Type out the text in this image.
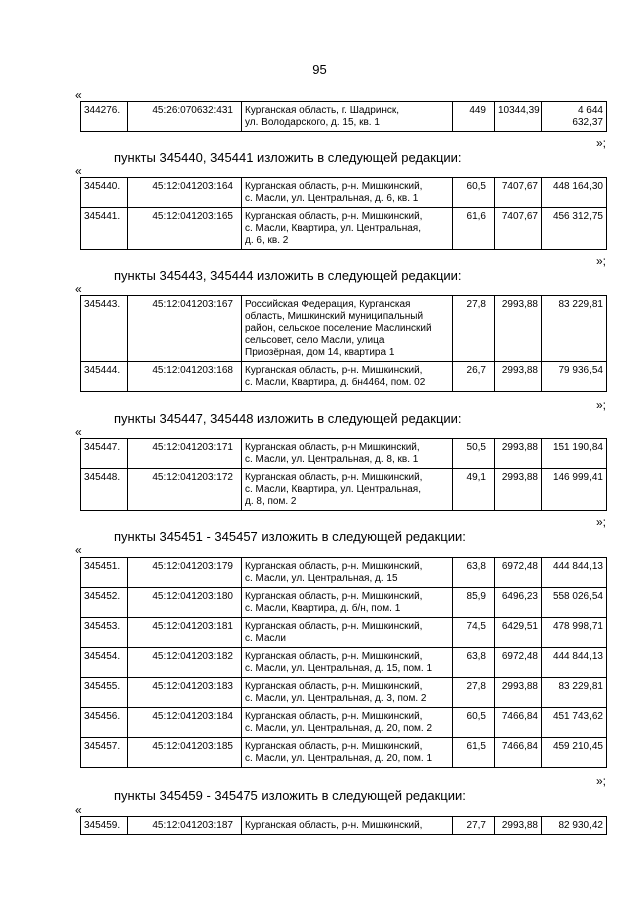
95
«
344276.	45:26:070632:431	Курганская область, г. Шадринск,
ул. Володарского, д. 15, кв. 1	449	10344,39	4 644 632,37
»;
пункты 345440, 345441 изложить в следующей редакции:
«
345440.	45:12:041203:164	Курганская область, р-н. Мишкинский,
с. Масли, ул. Центральная, д. 6, кв. 1	60,5	7407,67	448 164,30
345441.	45:12:041203:165	Курганская область, р-н. Мишкинский,
с. Масли, Квартира, ул. Центральная,
д. 6, кв. 2	61,6	7407,67	456 312,75
»;
пункты 345443, 345444 изложить в следующей редакции:
«
345443.	45:12:041203:167	Российская Федерация, Курганская
область, Мишкинский муниципальный
район, сельское поселение Маслинский
сельсовет, село Масли, улица
Приозёрная, дом 14, квартира 1	27,8	2993,88	83 229,81
345444.	45:12:041203:168	Курганская область, р-н. Мишкинский,
с. Масли, Квартира, д. бн4464, пом. 02	26,7	2993,88	79 936,54
»;
пункты 345447, 345448 изложить в следующей редакции:
«
345447.	45:12:041203:171	Курганская область, р-н Мишкинский,
с. Масли, ул. Центральная, д. 8, кв. 1	50,5	2993,88	151 190,84
345448.	45:12:041203:172	Курганская область, р-н. Мишкинский,
с. Масли, Квартира, ул. Центральная,
д. 8, пом. 2	49,1	2993,88	146 999,41
»;
пункты 345451 - 345457 изложить в следующей редакции:
«
345451.	45:12:041203:179	Курганская область, р-н. Мишкинский,
с. Масли, ул. Центральная, д. 15	63,8	6972,48	444 844,13
345452.	45:12:041203:180	Курганская область, р-н. Мишкинский,
с. Масли, Квартира, д. б/н, пом. 1	85,9	6496,23	558 026,54
345453.	45:12:041203:181	Курганская область, р-н. Мишкинский,
с. Масли	74,5	6429,51	478 998,71
345454.	45:12:041203:182	Курганская область, р-н. Мишкинский,
с. Масли, ул. Центральная, д. 15, пом. 1	63,8	6972,48	444 844,13
345455.	45:12:041203:183	Курганская область, р-н. Мишкинский,
с. Масли, ул. Центральная, д. 3, пом. 2	27,8	2993,88	83 229,81
345456.	45:12:041203:184	Курганская область, р-н. Мишкинский,
с. Масли, ул. Центральная, д. 20, пом. 2	60,5	7466,84	451 743,62
345457.	45:12:041203:185	Курганская область, р-н. Мишкинский,
с. Масли, ул. Центральная, д. 20, пом. 1	61,5	7466,84	459 210,45
»;
пункты 345459 - 345475 изложить в следующей редакции:
«
345459.	45:12:041203:187	Курганская область, р-н. Мишкинский,	27,7	2993,88	82 930,42
